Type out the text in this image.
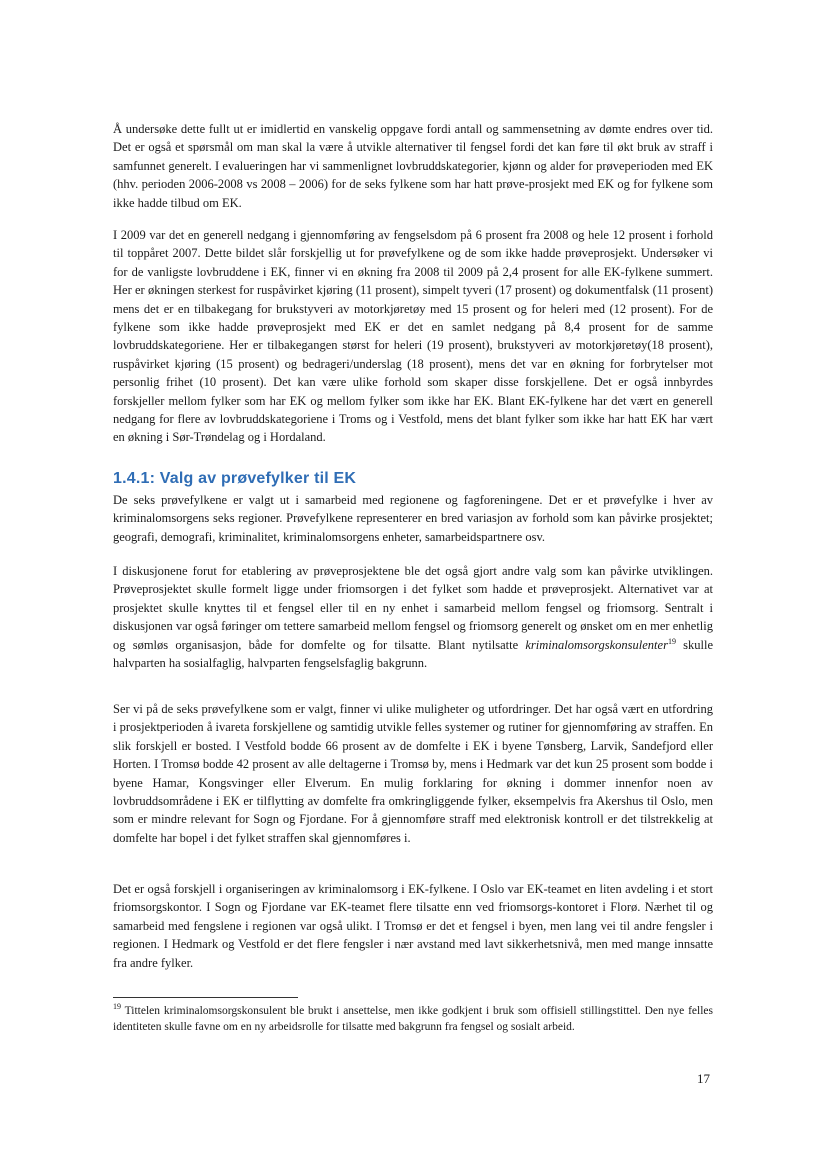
Å undersøke dette fullt ut er imidlertid en vanskelig oppgave fordi antall og sammensetning av dømte endres over tid. Det er også et spørsmål om man skal la være å utvikle alternativer til fengsel fordi det kan føre til økt bruk av straff i samfunnet generelt. I evalueringen har vi sammenlignet lovbruddskategorier, kjønn og alder for prøveperioden med EK (hhv. perioden 2006-2008 vs 2008 – 2006) for de seks fylkene som har hatt prøve-prosjekt med EK og for fylkene som ikke hadde tilbud om EK.

I 2009 var det en generell nedgang i gjennomføring av fengselsdom på 6 prosent fra 2008 og hele 12 prosent i forhold til toppåret 2007. Dette bildet slår forskjellig ut for prøvefylkene og de som ikke hadde prøveprosjekt. Undersøker vi for de vanligste lovbruddene i EK, finner vi en økning fra 2008 til 2009 på 2,4 prosent for alle EK-fylkene summert. Her er økningen sterkest for ruspåvirket kjøring (11 prosent), simpelt tyveri (17 prosent) og dokumentfalsk (11 prosent) mens det er en tilbakegang for brukstyveri av motorkjøretøy med 15 prosent og for heleri med (12 prosent). For de fylkene som ikke hadde prøveprosjekt med EK er det en samlet nedgang på 8,4 prosent for de samme lovbruddskategoriene. Her er tilbakegangen størst for heleri (19 prosent), brukstyveri av motorkjøretøy(18 prosent), ruspåvirket kjøring (15 prosent) og bedrageri/underslag (18 prosent), mens det var en økning for forbrytelser mot personlig frihet (10 prosent). Det kan være ulike forhold som skaper disse forskjellene. Det er også innbyrdes forskjeller mellom fylker som har EK og mellom fylker som ikke har EK. Blant EK-fylkene har det vært en generell nedgang for flere av lovbruddskategoriene i Troms og i Vestfold, mens det blant fylker som ikke har hatt EK har vært en økning i Sør-Trøndelag og i Hordaland.

1.4.1: Valg av prøvefylker til EK

De seks prøvefylkene er valgt ut i samarbeid med regionene og fagforeningene. Det er et prøvefylke i hver av kriminalomsorgens seks regioner. Prøvefylkene representerer en bred variasjon av forhold som kan påvirke prosjektet; geografi, demografi, kriminalitet, kriminalomsorgens enheter, samarbeidspartnere osv.

I diskusjonene forut for etablering av prøveprosjektene ble det også gjort andre valg som kan påvirke utviklingen. Prøveprosjektet skulle formelt ligge under friomsorgen i det fylket som hadde et prøveprosjekt. Alternativet var at prosjektet skulle knyttes til et fengsel eller til en ny enhet i samarbeid mellom fengsel og friomsorg. Sentralt i diskusjonen var også føringer om tettere samarbeid mellom fengsel og friomsorg generelt og ønsket om en mer enhetlig og sømløs organisasjon, både for domfelte og for tilsatte. Blant nytilsatte kriminalomsorgskonsulenter$^{19}$ skulle halvparten ha sosialfaglig, halvparten fengselsfaglig bakgrunn.

Ser vi på de seks prøvefylkene som er valgt, finner vi ulike muligheter og utfordringer. Det har også vært en utfordring i prosjektperioden å ivareta forskjellene og samtidig utvikle felles systemer og rutiner for gjennomføring av straffen. En slik forskjell er bosted. I Vestfold bodde 66 prosent av de domfelte i EK i byene Tønsberg, Larvik, Sandefjord eller Horten. I Tromsø bodde 42 prosent av alle deltagerne i Tromsø by, mens i Hedmark var det kun 25 prosent som bodde i byene Hamar, Kongsvinger eller Elverum. En mulig forklaring for økning i dommer innenfor noen av lovbruddsområdene i EK er tilflytting av domfelte fra omkringliggende fylker, eksempelvis fra Akershus til Oslo, men som er mindre relevant for Sogn og Fjordane. For å gjennomføre straff med elektronisk kontroll er det tilstrekkelig at domfelte har bopel i det fylket straffen skal gjennomføres i.

Det er også forskjell i organiseringen av kriminalomsorg i EK-fylkene. I Oslo var EK-teamet en liten avdeling i et stort friomsorgskontor. I Sogn og Fjordane var EK-teamet flere tilsatte enn ved friomsorgs-kontoret i Florø. Nærhet til og samarbeid med fengslene i regionen var også ulikt. I Tromsø er det et fengsel i byen, men lang vei til andre fengsler i regionen. I Hedmark og Vestfold er det flere fengsler i nær avstand med lavt sikkerhetsnivå, men med mange innsatte fra andre fylker.

$^{19}$ Tittelen kriminalomsorgskonsulent ble brukt i ansettelse, men ikke godkjent i bruk som offisiell stillingstittel. Den nye felles identiteten skulle favne om en ny arbeidsrolle for tilsatte med bakgrunn fra fengsel og sosialt arbeid.

17
